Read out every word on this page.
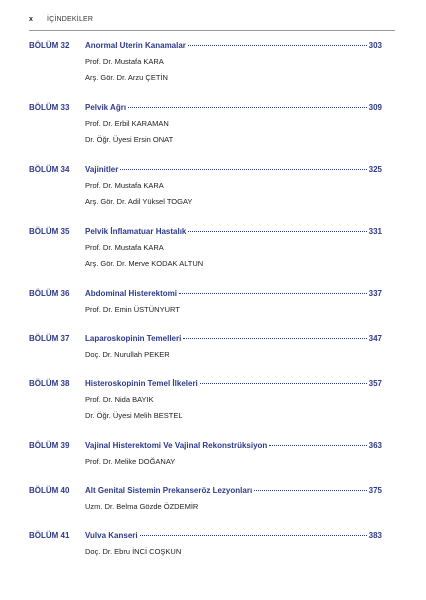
x İÇİNDEKİLER
BÖLÜM 32 Anormal Uterin Kanamalar	303
Prof. Dr. Mustafa KARA
Arş. Gör. Dr. Arzu ÇETİN
BÖLÜM 33 Pelvik Ağrı	309
Prof. Dr. Erbil KARAMAN
Dr. Öğr. Üyesi Ersin ONAT
BÖLÜM 34 Vajinitler	325
Prof. Dr. Mustafa KARA
Arş. Gör. Dr. Adil Yüksel TOGAY
BÖLÜM 35 Pelvik İnflamatuar Hastalık	331
Prof. Dr. Mustafa KARA
Arş. Gör. Dr. Merve KODAK ALTUN
BÖLÜM 36 Abdominal Histerektomi	337
Prof. Dr. Emin ÜSTÜNYURT
BÖLÜM 37 Laparoskopinin Temelleri	347
Doç. Dr. Nurullah PEKER
BÖLÜM 38 Histeroskopinin Temel İlkeleri	357
Prof. Dr. Nida BAYIK
Dr. Öğr. Üyesi Melih BESTEL
BÖLÜM 39 Vajinal Histerektomi Ve Vajinal Rekonstrüksiyon	363
Prof. Dr. Melike DOĞANAY
BÖLÜM 40 Alt Genital Sistemin Prekanseröz Lezyonları	375
Uzm. Dr. Belma Gözde ÖZDEMİR
BÖLÜM 41 Vulva Kanseri	383
Doç. Dr. Ebru İNCİ COŞKUN
